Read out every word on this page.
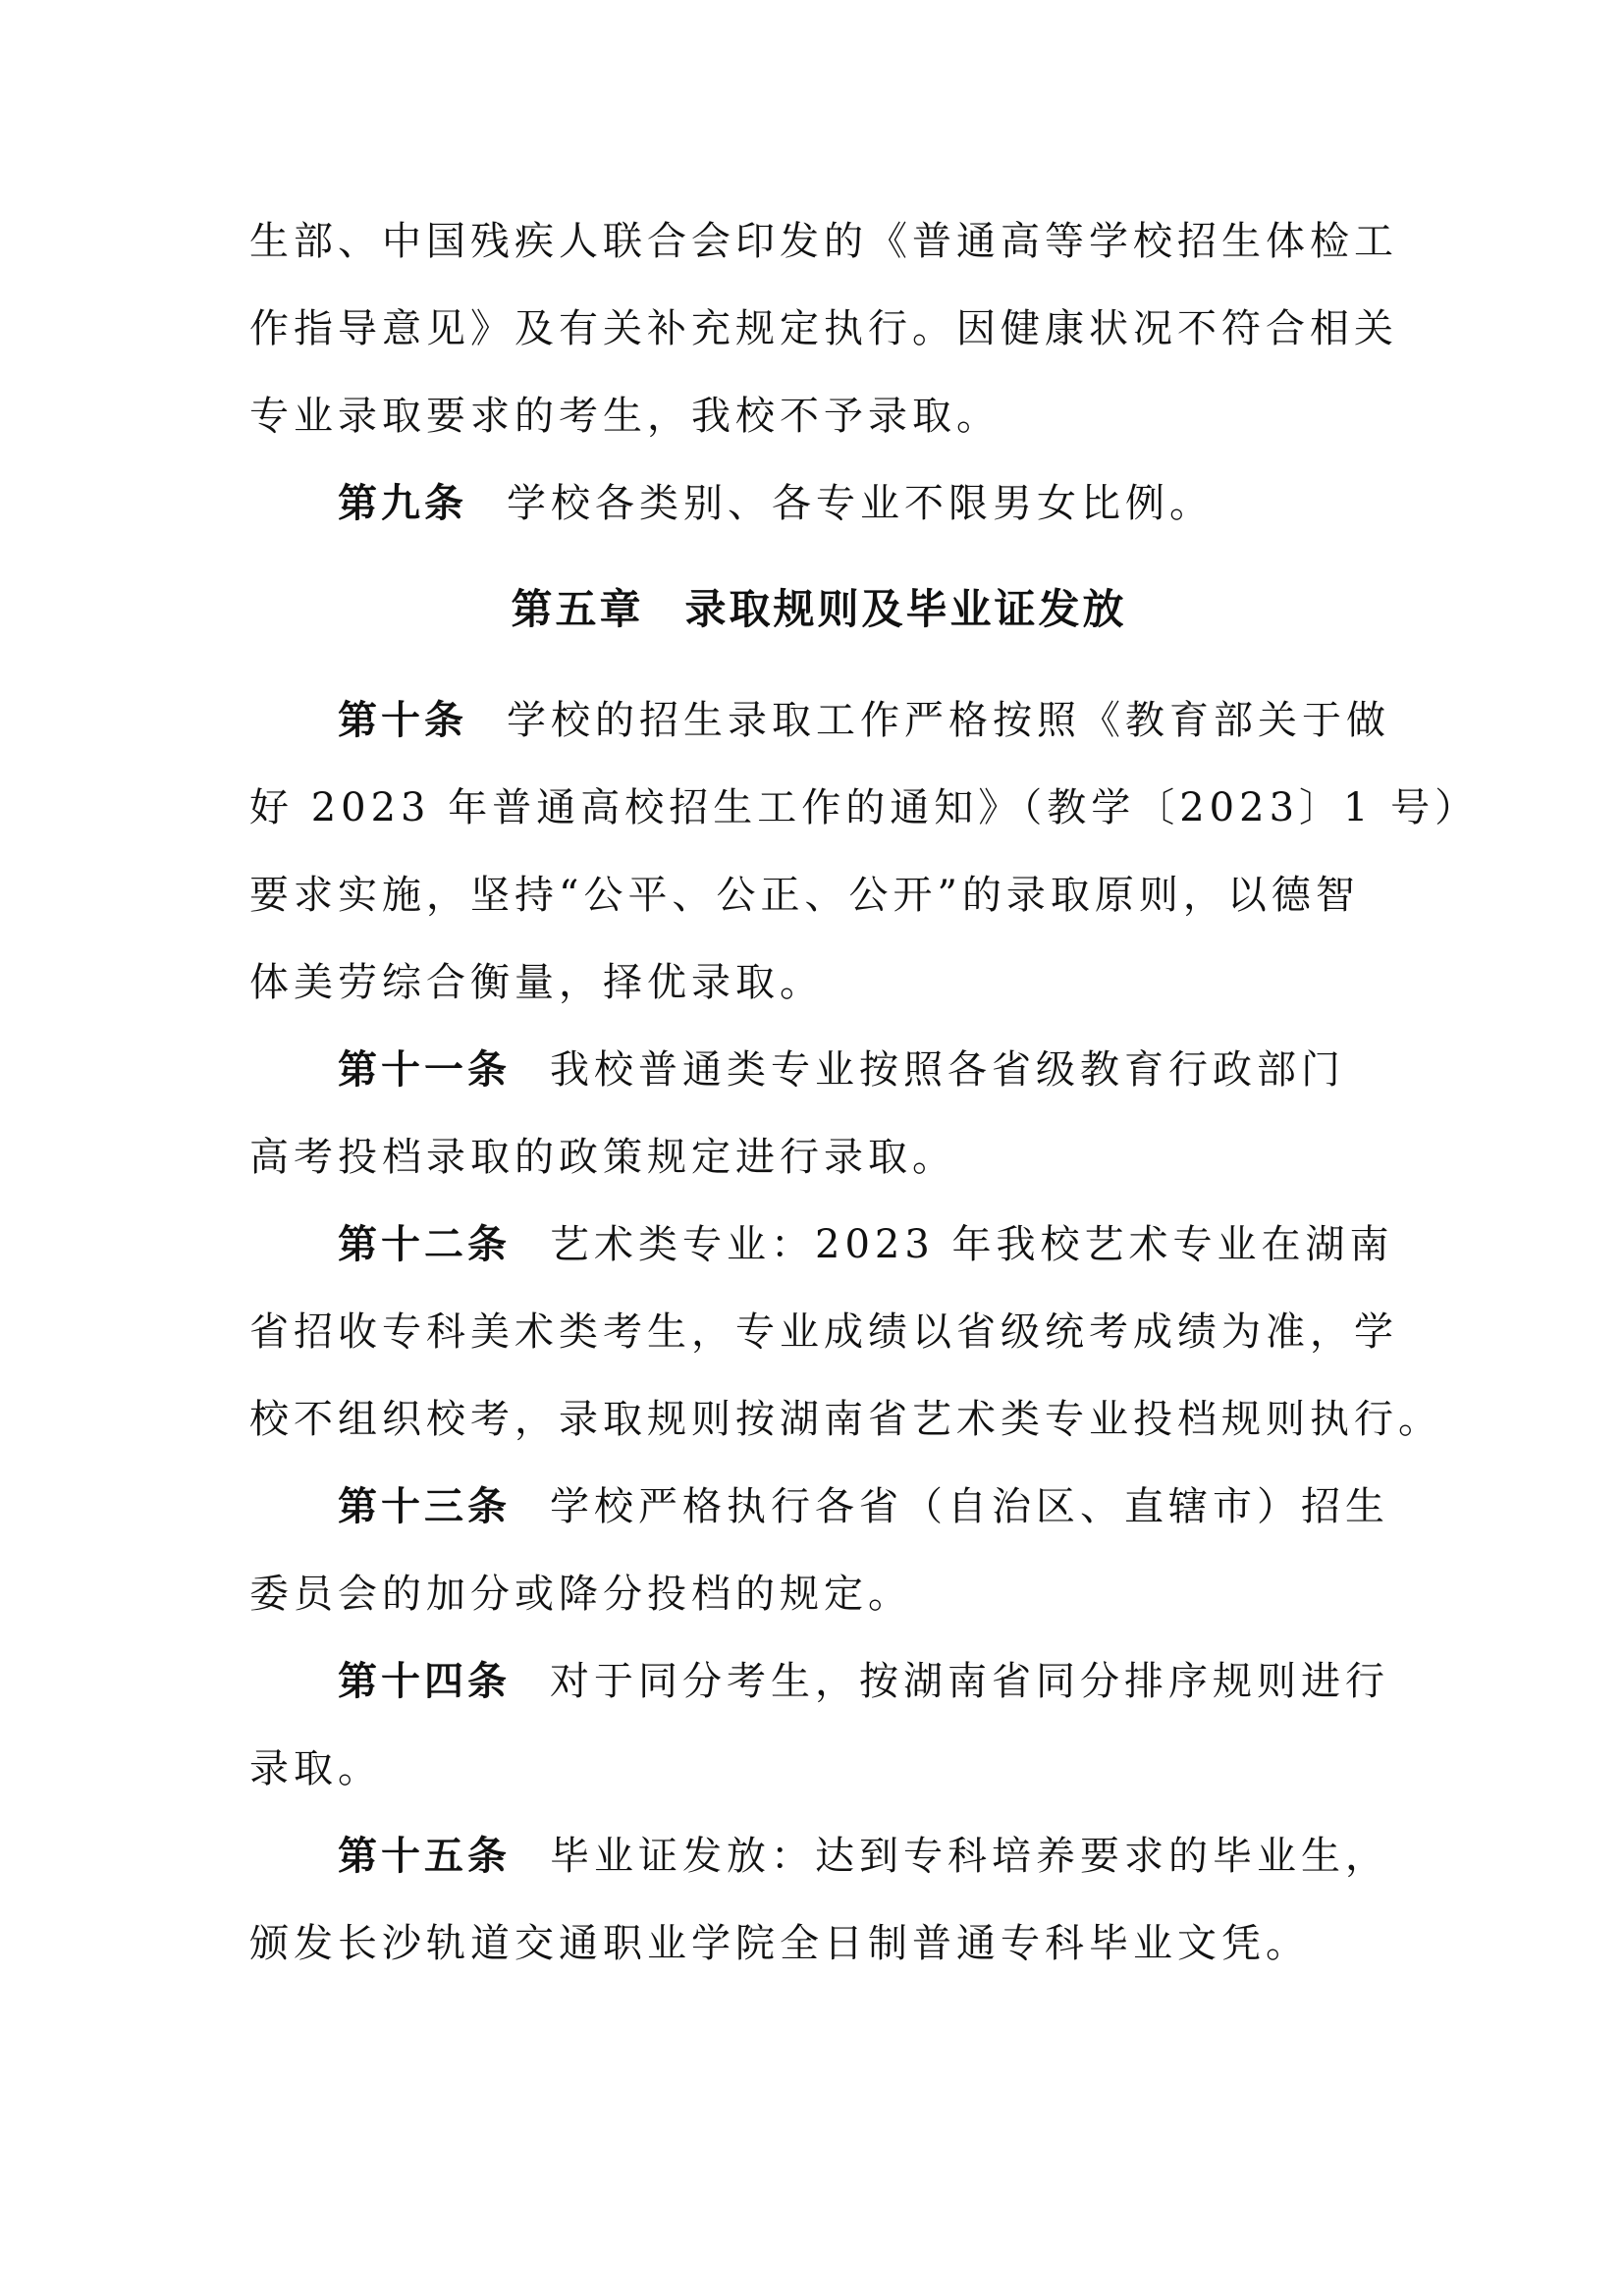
生部、中国残疾人联合会印发的《普通高等学校招生体检工
作指导意见》及有关补充规定执行。因健康状况不符合相关
专业录取要求的考生，我校不予录取。
第九条 学校各类别、各专业不限男女比例。
第五章 录取规则及毕业证发放
第十条 学校的招生录取工作严格按照《教育部关于做
好 2023 年普通高校招生工作的通知》（教学〔2023〕1 号）
要求实施，坚持“公平、公正、公开”的录取原则，以德智
体美劳综合衡量，择优录取。
第十一条 我校普通类专业按照各省级教育行政部门
高考投档录取的政策规定进行录取。
第十二条 艺术类专业：2023 年我校艺术专业在湖南
省招收专科美术类考生，专业成绩以省级统考成绩为准，学
校不组织校考，录取规则按湖南省艺术类专业投档规则执行。
第十三条 学校严格执行各省（自治区、直辖市）招生
委员会的加分或降分投档的规定。
第十四条 对于同分考生，按湖南省同分排序规则进行
录取。
第十五条 毕业证发放：达到专科培养要求的毕业生，
颁发长沙轨道交通职业学院全日制普通专科毕业文凭。
